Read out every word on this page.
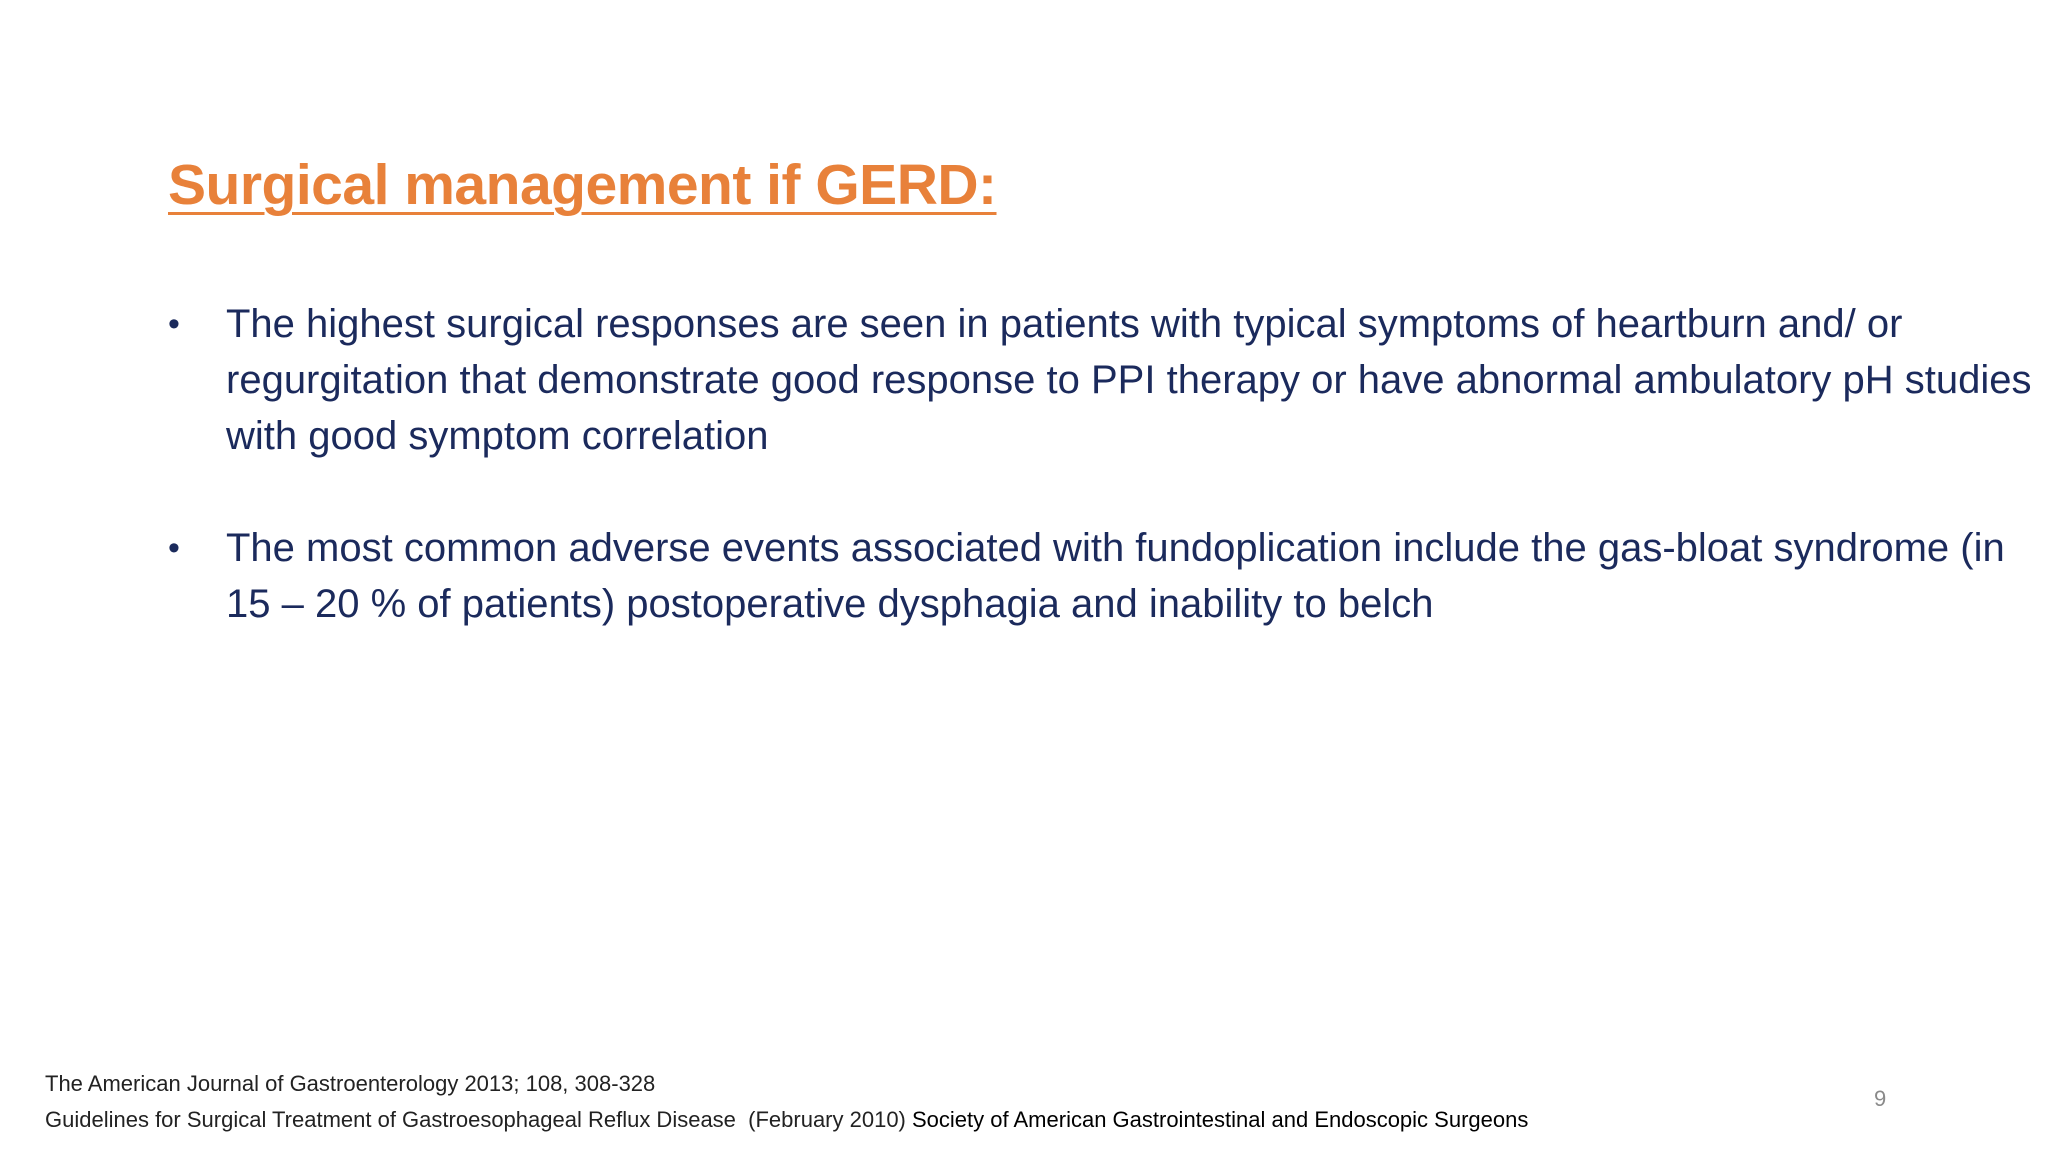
Surgical management if GERD:
•	The highest surgical responses are seen in patients with typical symptoms of heartburn and/ or regurgitation that demonstrate good response to PPI therapy or have abnormal ambulatory pH studies with good symptom correlation
•	The most common adverse events associated with fundoplication include the gas-bloat syndrome (in 15 – 20 % of patients) postoperative dysphagia and inability to belch
The American Journal of Gastroenterology 2013; 108, 308-328
Guidelines for Surgical Treatment of Gastroesophageal Reflux Disease  (February 2010) Society of American Gastrointestinal and Endoscopic Surgeons
9
